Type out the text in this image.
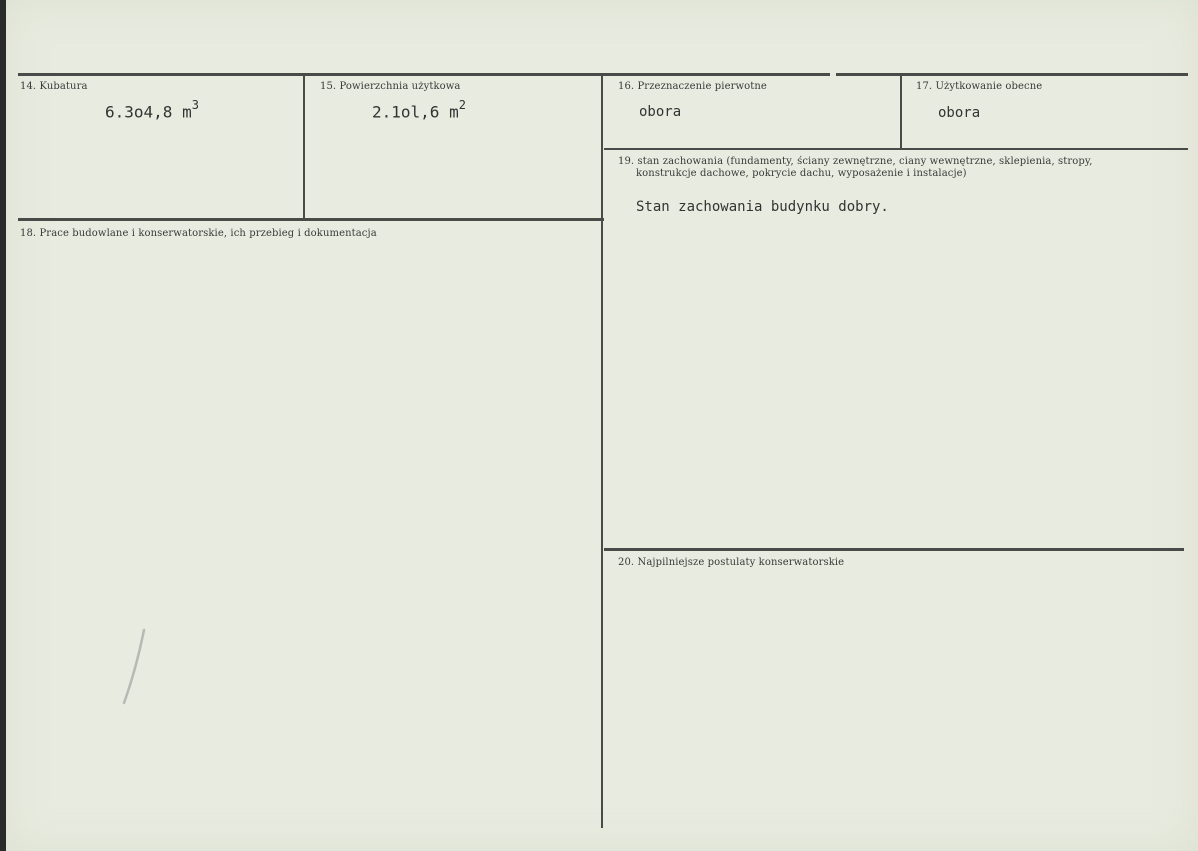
14. Kubatura
6.3o4,8 $m^3$
15. Powierzchnia użytkowa
2.1ol,6 $m^2$
16. Przeznaczenie pierwotne
obora
17. Użytkowanie obecne
obora
18. Prace budowlane i konserwatorskie, ich przebieg i dokumentacja
19. stan zachowania (fundamenty, ściany zewnętrzne, ciany wewnętrzne, sklepienia, stropy,
konstrukcje dachowe, pokrycie dachu, wyposażenie i instalacje)
Stan zachowania budynku dobry.
20. Najpilniejsze postulaty konserwatorskie
